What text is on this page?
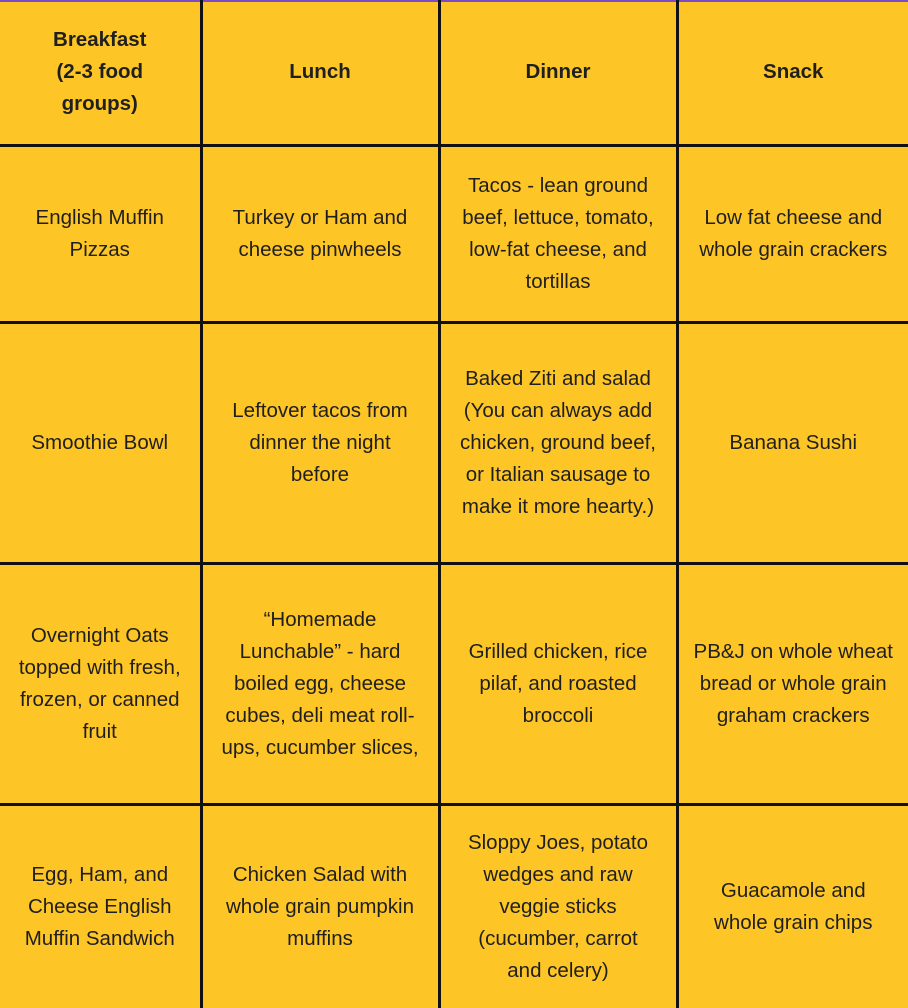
Breakfast
(2-3 food
groups)	Lunch	Dinner	Snack
English Muffin Pizzas	Turkey or Ham and cheese pinwheels	Tacos - lean ground beef, lettuce, tomato, low-fat cheese, and tortillas	Low fat cheese and whole grain crackers
Smoothie Bowl	Leftover tacos from dinner the night before	Baked Ziti and salad (You can always add chicken, ground beef, or Italian sausage to make it more hearty.)	Banana Sushi
Overnight Oats topped with fresh, frozen, or canned fruit	“Homemade Lunchable” - hard boiled egg, cheese cubes, deli meat roll-ups, cucumber slices,	Grilled chicken, rice pilaf, and roasted broccoli	PB&J on whole wheat bread or whole grain graham crackers
Egg, Ham, and Cheese English Muffin Sandwich	Chicken Salad with whole grain pumpkin muffins	Sloppy Joes, potato wedges and raw veggie sticks (cucumber, carrot and celery)	Guacamole and whole grain chips
